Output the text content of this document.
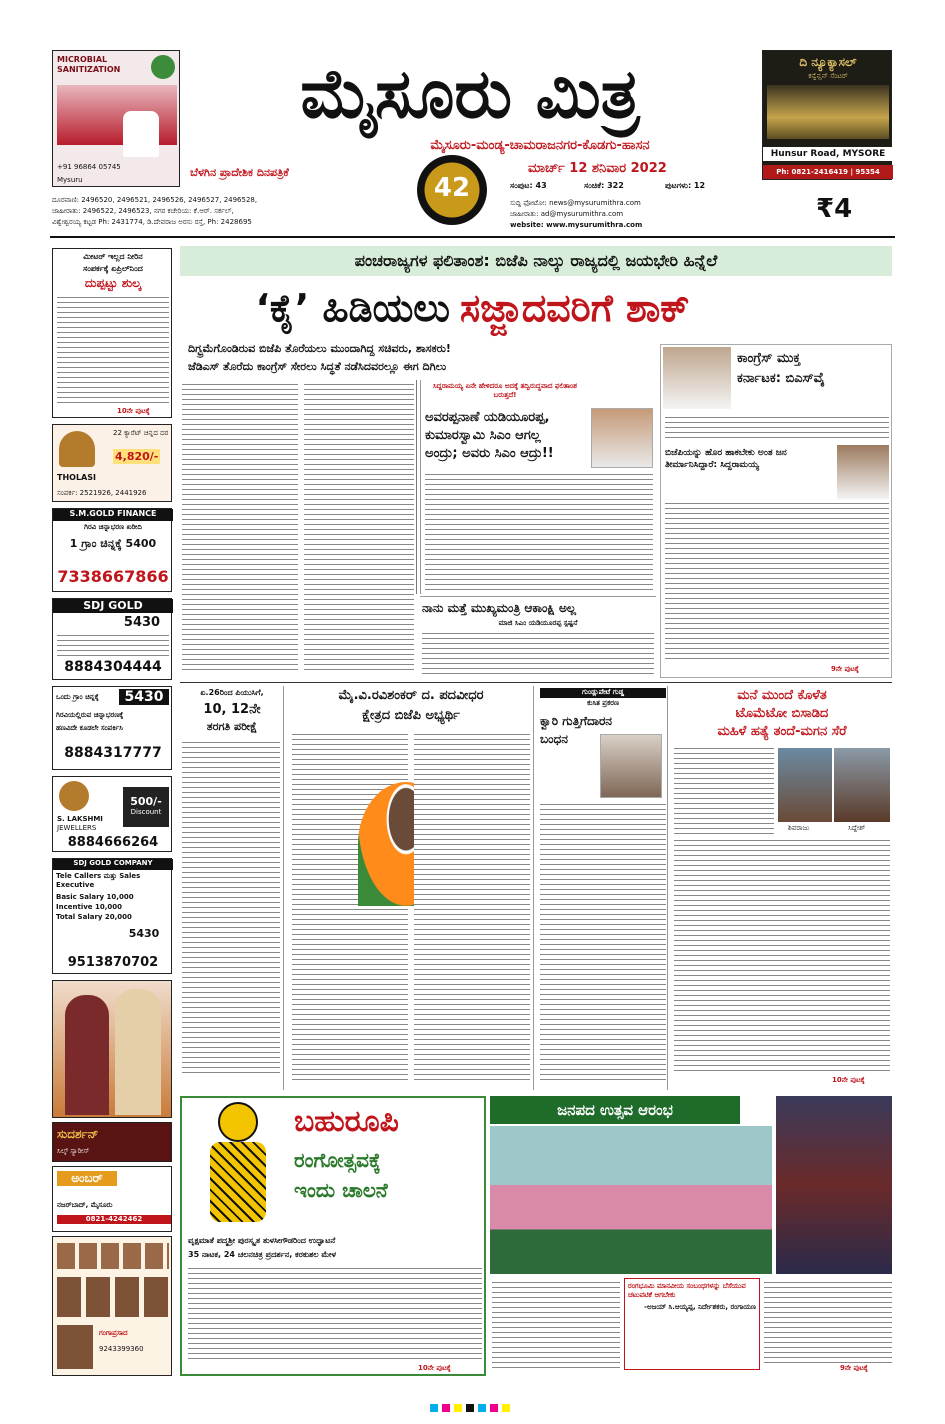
MICROBIAL SANITIZATION
+91 96864 05745
Mysuru
ಮೈಸೂರು ಮಿತ್ರ
ಮೈಸೂರು-ಮಂಡ್ಯ-ಚಾಮರಾಜನಗರ-ಕೊಡಗು-ಹಾಸನ
ಬೆಳಗಿನ ಪ್ರಾದೇಶಿಕ ದಿನಪತ್ರಿಕೆ
42
ಮಾರ್ಚ್ 12 ಶನಿವಾರ 2022
ಸಂಪುಟ: 43	ಸಂಚಿಕೆ: 322	ಪುಟಗಳು: 12
ಸುದ್ದಿ ಫೋಟೋ: news@mysurumithra.com
ಜಾಹೀರಾತು: ad@mysurumithra.com
website: www.mysurumithra.com
₹4
ದೂರವಾಣಿ: 2496520, 2496521, 2496526, 2496527, 2496528,
ಜಾಹೀರಾತು: 2496522, 2496523, ನಗರ ಕಚೇರಿಯ: ಕೆ.ಆರ್. ಸರ್ಕಲ್,
ವಿಶ್ವೇಶ್ವರಯ್ಯ ಕಟ್ಟಡ Ph: 2431774, ಡಿ.ದೇವರಾಜ ಅರಸು ರಸ್ತೆ, Ph: 2428695
ದಿ ನ್ಯೂಕ್ಯಾಸಲ್
ಕನ್ವೆನ್ಷನ್ ಸೆಂಟರ್
Hunsur Road, MYSORE
Ph: 0821-2416419 | 95354 91919
ಮೀಟರ್ ಇಲ್ಲದ ನೀರಿನ
ಸಂಪರ್ಕಕ್ಕೆ ಏಪ್ರಿಲ್‌ನಿಂದ
ದುಪ್ಪಟ್ಟು ಶುಲ್ಕ
10ನೇ ಪುಟಕ್ಕೆ
22 ಕ್ಯಾರೆಟ್ ಚಿನ್ನದ ದರ
4,820/-
THOLASI
ಸಂಪರ್ಕ: 2521926, 2441926
S.M.GOLD FINANCE
ಗಿರವಿ ಚಿನ್ನಾಭರಣ ಖರೀದಿ
1 ಗ್ರಾಂ ಚಿನ್ನಕ್ಕೆ 5400
7338667866
SDJ GOLD
5430
8884304444
ಒಂದು ಗ್ರಾಂ ಚಿನ್ನಕ್ಕೆ	5430
ಗಿರವಿಯಲ್ಲಿರುವ ಚಿನ್ನಾಭರಣಕ್ಕೆ
ಹಣವಿದೇ ಕೂಡಲೇ ಸಂಪರ್ಕಿಸಿ
8884317777
S. LAKSHMI
JEWELLERS
500/-
Discount
8884666264
SDJ GOLD COMPANY
Tele Callers ಮತ್ತು Sales Executive
Basic Salary 10,000
Incentive 10,000
Total Salary 20,000
5430
9513870702
ಸುದರ್ಶನ್
ಸಿಲ್ಕ್ ಸ್ಯಾರೀಸ್
ಅಂಬರ್
ನಜರ್‌ಬಾದ್, ಮೈಸೂರು
0821-4242462
ಗಂಗಾಪ್ರಸಾದ
9243399360
ಪಂಚರಾಜ್ಯಗಳ ಫಲಿತಾಂಶ: ಬಿಜೆಪಿ ನಾಲ್ಕು ರಾಜ್ಯದಲ್ಲಿ ಜಯಭೇರಿ ಹಿನ್ನೆಲೆ
‘ಕೈ’ ಹಿಡಿಯಲು ಸಜ್ಜಾದವರಿಗೆ ಶಾಕ್
ದಿಗ್ಭ್ರಮೆಗೊಂಡಿರುವ ಬಿಜೆಪಿ ತೊರೆಯಲು ಮುಂದಾಗಿದ್ದ ಸಚಿವರು, ಶಾಸಕರು!
ಜೆಡಿಎಸ್ ತೊರೆದು ಕಾಂಗ್ರೆಸ್ ಸೇರಲು ಸಿದ್ಧತೆ ನಡೆಸಿದವರಲ್ಲೂ ಈಗ ದಿಗಿಲು
ಸಿದ್ದರಾಮಯ್ಯ ಏನೇ ಹೇಳಿದರೂ ಅದಕ್ಕೆ ತದ್ವಿರುದ್ಧವಾದ ಫಲಿತಾಂಶ ಬರುತ್ತದೆ!
ಅವರಪ್ಪನಾಣೆ ಯಡಿಯೂರಪ್ಪ,
ಕುಮಾರಸ್ವಾಮಿ ಸಿಎಂ ಆಗಲ್ಲ
ಅಂದ್ರು; ಅವರು ಸಿಎಂ ಆದ್ರು!!
ಕಾಂಗ್ರೆಸ್ ಮುಕ್ತ
ಕರ್ನಾಟಕ: ಬಿಎಸ್‌ವೈ
ಬಿಜೆಪಿಯನ್ನು ಹೊರ ಹಾಕಬೇಕು ಅಂತ ಜನ ತೀರ್ಮಾನಿಸಿದ್ದಾರೆ: ಸಿದ್ದರಾಮಯ್ಯ
9ನೇ ಪುಟಕ್ಕೆ
ನಾನು ಮತ್ತೆ ಮುಖ್ಯಮಂತ್ರಿ ಆಕಾಂಕ್ಷಿ ಅಲ್ಲ
ಮಾಜಿ ಸಿಎಂ ಯಡಿಯೂರಪ್ಪ ಸ್ಪಷ್ಟನೆ
ಏ.26ರಿಂದ ಪಿಯುಸಿಗೆ,
10, 12ನೇ
ತರಗತಿ ಪರೀಕ್ಷೆ
ಮೈ.ವಿ.ರವಿಶಂಕರ್ ದ. ಪದವೀಧರ
ಕ್ಷೇತ್ರದ ಬಿಜೆಪಿ ಅಭ್ಯರ್ಥಿ
ಗುಂಡ್ಲುಪೇಟೆ ಗುಡ್ಡ
ಕುಸಿತ ಪ್ರಕರಣ
ಕ್ವಾರಿ ಗುತ್ತಿಗೆದಾರನ
ಬಂಧನ
ಮನೆ ಮುಂದೆ ಕೊಳೆತ
ಟೊಮೆಟೋ ಬಿಸಾಡಿದ
ಮಹಿಳೆ ಹತ್ಯೆ ತಂದೆ-ಮಗನ ಸೆರೆ
ಶಿವರಾಜು	ಸಿದ್ದೇಶ್
10ನೇ ಪುಟಕ್ಕೆ
ಬಹುರೂಪಿ
ರಂಗೋತ್ಸವಕ್ಕೆ
ಇಂದು ಚಾಲನೆ
ವೃಕ್ಷಮಾತೆ ಪದ್ಮಶ್ರೀ ಪುರಸ್ಕೃತ ತುಳಸೀಗೌಡರಿಂದ ಉದ್ಘಾಟನೆ
35 ನಾಟಕ, 24 ಚಲನಚಿತ್ರ ಪ್ರದರ್ಶನ, ಕರಕುಶಲ ಮೇಳ
10ನೇ ಪುಟಕ್ಕೆ
ಜನಪದ ಉತ್ಸವ ಆರಂಭ
ರಂಗಭೂಮಿ ಮಾನವೀಯ ಸಂಬಂಧಗಳನ್ನು ಬೆಸೆಯುವ ಚಟುವಟಿಕೆ ಆಗಬೇಕು
-ಅಜಯ್ ಸಿ.ಆಯ್ಯಪ್ಪ, ನಿರ್ದೇಶಕರು, ರಂಗಾಯಣ
9ನೇ ಪುಟಕ್ಕೆ
